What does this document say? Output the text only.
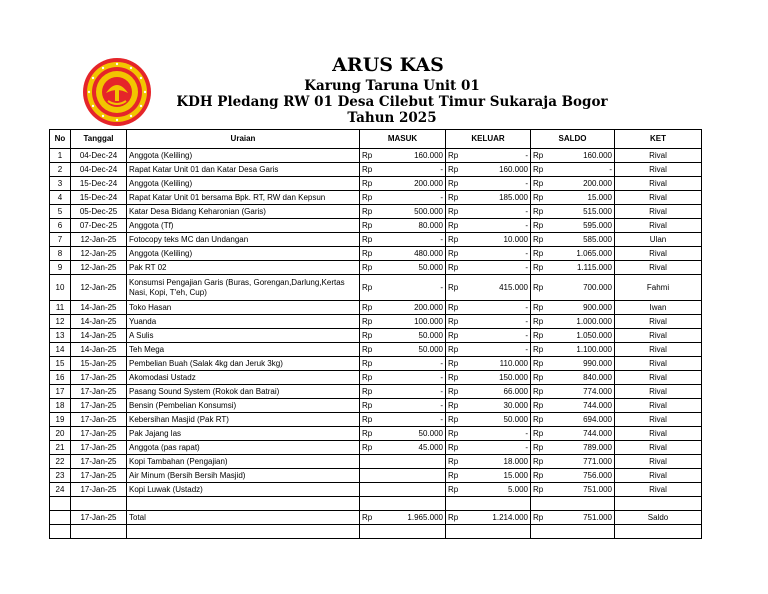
ARUS KAS
Karung Taruna Unit 01
KDH Pledang RW 01 Desa Cilebut Timur Sukaraja Bogor
Tahun 2025
No	Tanggal	Uraian	MASUK		KELUAR		SALDO		KET
1	04-Dec-24	Anggota (Keliling)	Rp	160.000	Rp	-	Rp	160.000	Rival
2	04-Dec-24	Rapat Katar Unit 01 dan Katar Desa Garis	Rp	-	Rp	160.000	Rp	-	Rival
3	15-Dec-24	Anggota (Keliling)	Rp	200.000	Rp	-	Rp	200.000	Rival
4	15-Dec-24	Rapat Katar Unit 01 bersama Bpk. RT, RW dan Kepsun	Rp	-	Rp	185.000	Rp	15.000	Rival
5	05-Dec-25	Katar Desa Bidang Keharonian (Garis)	Rp	500.000	Rp	-	Rp	515.000	Rival
6	07-Dec-25	Anggota (Tf)	Rp	80.000	Rp	-	Rp	595.000	Rival
7	12-Jan-25	Fotocopy teks MC dan Undangan	Rp	-	Rp	10.000	Rp	585.000	Ulan
8	12-Jan-25	Anggota (Keliling)	Rp	480.000	Rp	-	Rp	1.065.000	Rival
9	12-Jan-25	Pak RT 02	Rp	50.000	Rp	-	Rp	1.115.000	Rival
10	12-Jan-25	Konsumsi Pengajian Garis (Buras, Gorengan,Darlung,Kertas Nasi, Kopi, T'eh, Cup)	Rp	-	Rp	415.000	Rp	700.000	Fahmi
11	14-Jan-25	Toko Hasan	Rp	200.000	Rp	-	Rp	900.000	Iwan
12	14-Jan-25	Yuanda	Rp	100.000	Rp	-	Rp	1.000.000	Rival
13	14-Jan-25	A Sulis	Rp	50.000	Rp	-	Rp	1.050.000	Rival
14	14-Jan-25	Teh Mega	Rp	50.000	Rp	-	Rp	1.100.000	Rival
15	15-Jan-25	Pembelian Buah (Salak 4kg dan Jeruk 3kg)	Rp	-	Rp	110.000	Rp	990.000	Rival
16	17-Jan-25	Akomodasi Ustadz	Rp	-	Rp	150.000	Rp	840.000	Rival
17	17-Jan-25	Pasang Sound System (Rokok dan Batrai)	Rp	-	Rp	66.000	Rp	774.000	Rival
18	17-Jan-25	Bensin (Pembelian Konsumsi)	Rp	-	Rp	30.000	Rp	744.000	Rival
19	17-Jan-25	Kebersihan Masjid (Pak RT)	Rp	-	Rp	50.000	Rp	694.000	Rival
20	17-Jan-25	Pak Jajang las	Rp	50.000	Rp	-	Rp	744.000	Rival
21	17-Jan-25	Anggota (pas rapat)	Rp	45.000	Rp	-	Rp	789.000	Rival
22	17-Jan-25	Kopi Tambahan (Pengajian)			Rp	18.000	Rp	771.000	Rival
23	17-Jan-25	Air Minum (Bersih Bersih Masjid)			Rp	15.000	Rp	756.000	Rival
24	17-Jan-25	Kopi Luwak (Ustadz)			Rp	5.000	Rp	751.000	Rival

	17-Jan-25	Total	Rp	1.965.000	Rp	1.214.000	Rp	751.000	Saldo
